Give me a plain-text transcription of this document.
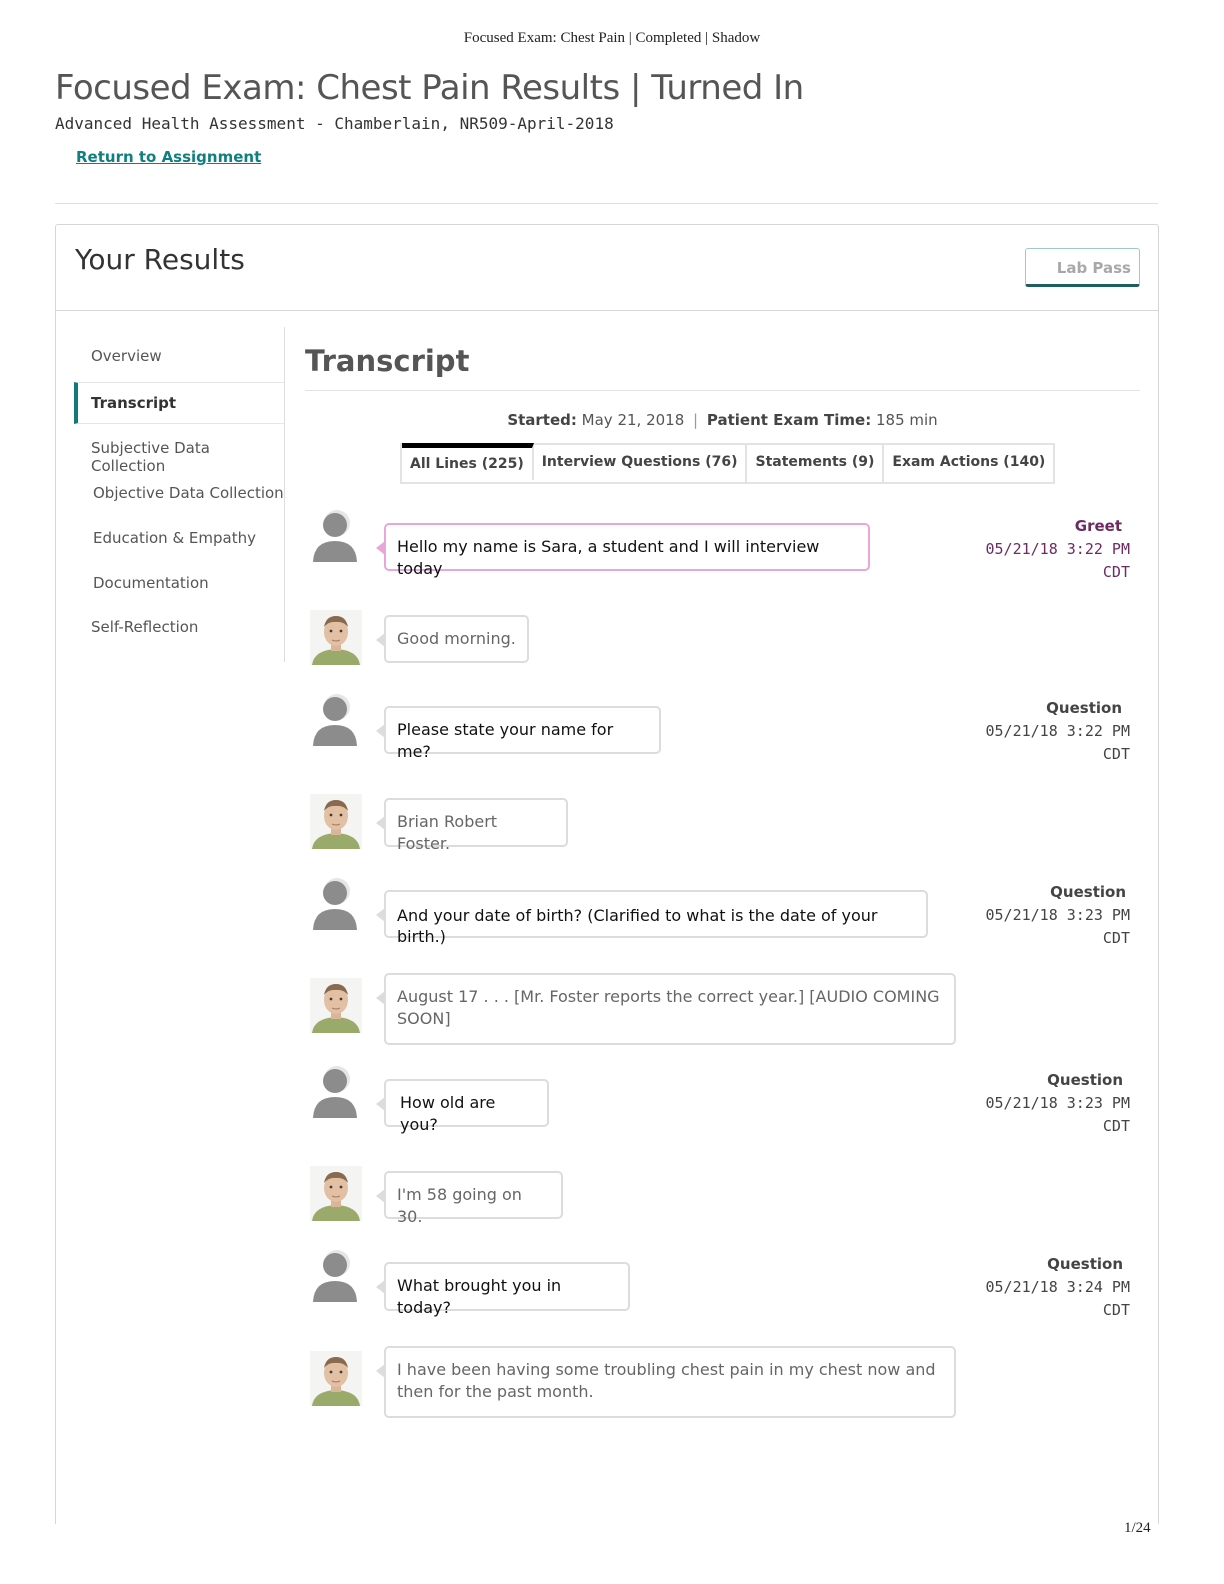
Focused Exam: Chest Pain | Completed | Shadow
Focused Exam: Chest Pain Results | Turned In
Advanced Health Assessment - Chamberlain, NR509-April-2018
Return to Assignment
Your Results	Lab Pass
Overview
Transcript
Subjective Data Collection
Objective Data Collection
Education & Empathy
Documentation
Self-Reflection
Transcript
Started: May 21, 2018 | Patient Exam Time: 185 min
All Lines (225)	Interview Questions (76)	Statements (9)	Exam Actions (140)
Hello my name is Sara, a student and I will interview today
Greet
05/21/18 3:22 PM
CDT
Good morning.
Please state your name for me?
Question
05/21/18 3:22 PM
CDT
Brian Robert Foster.
And your date of birth? (Clarified to what is the date of your birth.)
Question
05/21/18 3:23 PM
CDT
August 17 . . . [Mr. Foster reports the correct year.] [AUDIO COMING SOON]
How old are you?
Question
05/21/18 3:23 PM
CDT
I'm 58 going on 30.
What brought you in today?
Question
05/21/18 3:24 PM
CDT
I have been having some troubling chest pain in my chest now and then for the past month.
1/24
